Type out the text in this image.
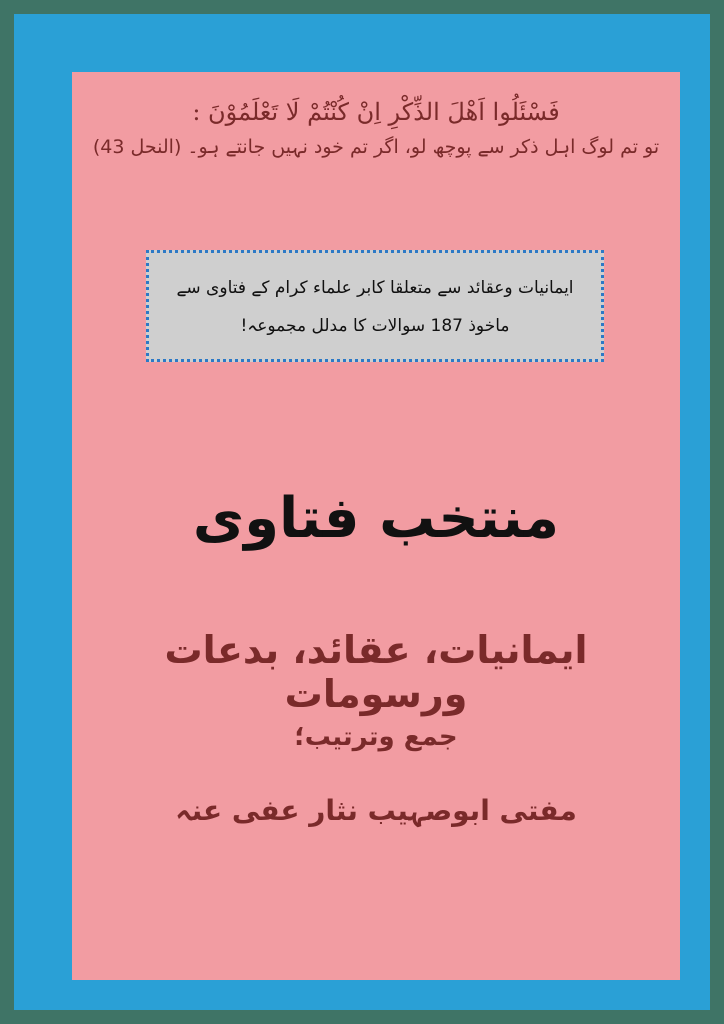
فَسْئَلُوا اَهْلَ الذِّكْرِ اِنْ كُنْتُمْ لَا تَعْلَمُوْنَ :
تو تم لوگ اہل ذکر سے پوچھ لو، اگر تم خود نہیں جانتے ہو۔ (النحل 43)
ایمانیات وعقائد سے متعلقا کابر علماء کرام کے فتاوی سے
ماخوذ 187 سوالات کا مدلل مجموعہ!
منتخب فتاوی
ایمانیات، عقائد، بدعات ورسومات
جمع وترتیب؛
مفتی ابوصہیب نثار عفی عنہ
